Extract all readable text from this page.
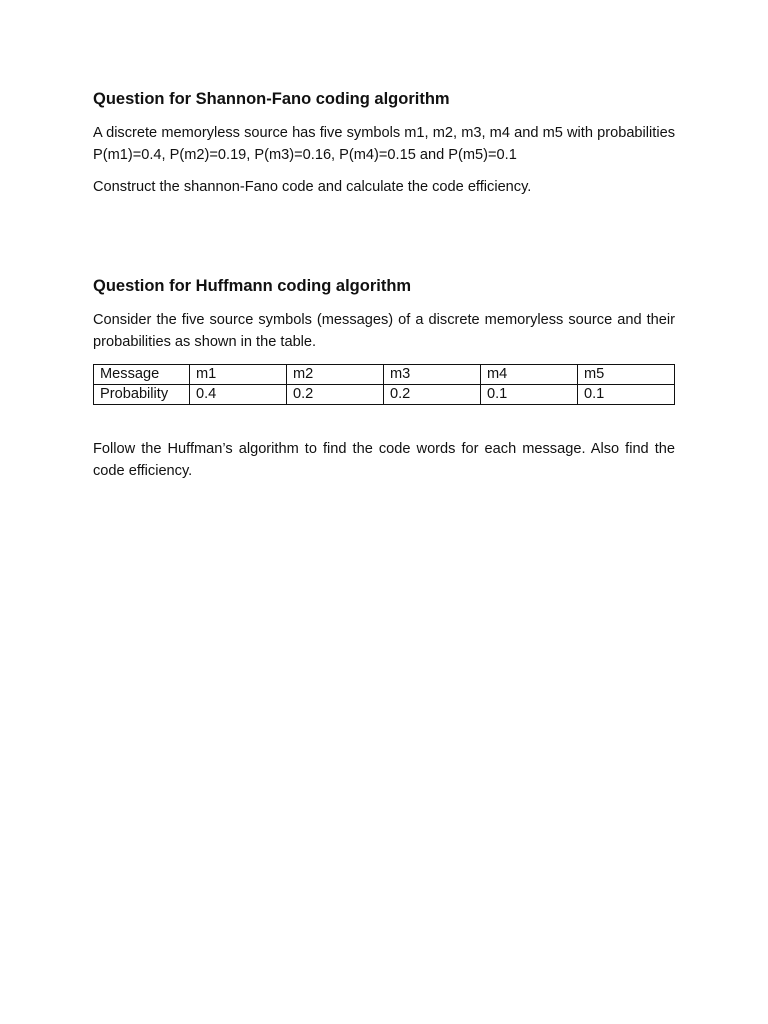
Question for Shannon-Fano coding algorithm

A discrete memoryless source has five symbols m1, m2, m3, m4 and m5 with probabilities P(m1)=0.4, P(m2)=0.19, P(m3)=0.16, P(m4)=0.15 and P(m5)=0.1

Construct the shannon-Fano code and calculate the code efficiency.

Question for Huffmann coding algorithm

Consider the five source symbols (messages) of a discrete memoryless source and their probabilities as shown in the table.

Message	m1	m2	m3	m4	m5
Probability	0.4	0.2	0.2	0.1	0.1

Follow the Huffman’s algorithm to find the code words for each message. Also find the code efficiency.
